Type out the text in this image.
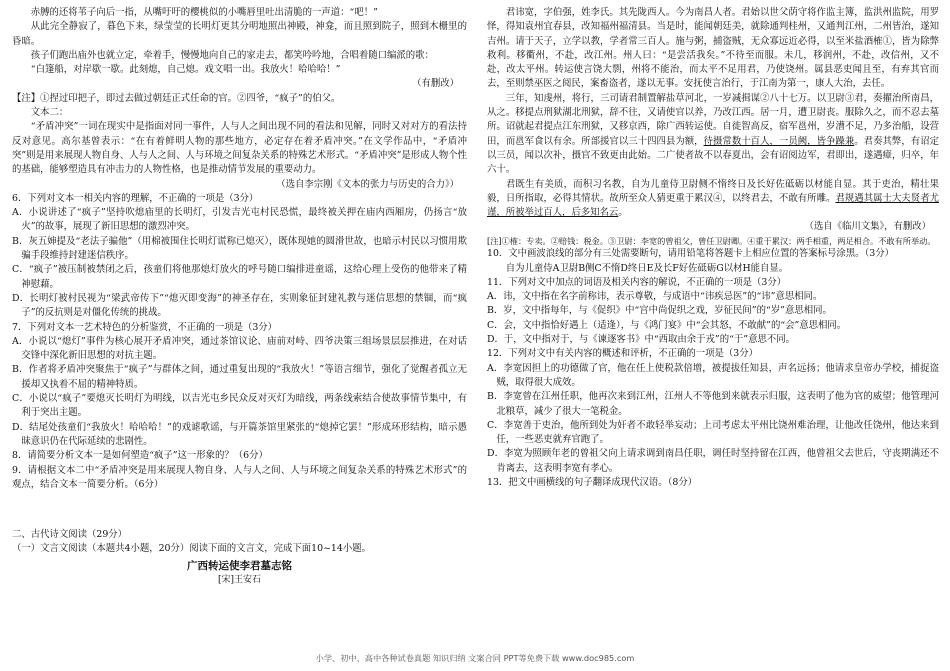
赤膊的还将苇子向后一指，从嘴吁吁的樱桃似的小嘴唇里吐出清脆的一声道：“吧！”

从此完全静寂了，暮色下来，绿莹莹的长明灯更其分明地照出神殿，神龛，而且照到院子，照到木栅里的昏暗。

孩子们跑出庙外也就立定，牵着手，慢慢地向自己的家走去，都笑吟吟地，合唱着随口编派的歌：

“白篷船，对岸歇一歇。此刻熄，自己熄。戏文唱一出。我放火！哈哈哈！”

（有删改）

【注】①捏过印把子，即过去做过朝廷正式任命的官。②四爷，“疯子”的伯父。

文本二：

“矛盾冲突”一词在现实中是指面对同一事件，人与人之间出现不同的看法和见解，同时又对对方的看法持反对意见。高尔基曾表示：“在有着鲜明人物的那些地方，必定存在着矛盾冲突。”在文学作品中，“矛盾冲突”则是用来展现人物自身、人与人之间、人与环境之间复杂关系的特殊艺术形式。“矛盾冲突”是形成人物个性的基础，能够塑造具有冲击力的人物性格，也是推动情节发展的重要动力。

（选自李宗刚《文本的张力与历史的合力》）

6．下列对文本一相关内容的理解，不正确的一项是（3分）

A．小说讲述了“疯子”坚持吹熄庙里的长明灯，引发吉光屯村民恐慌，最终被关押在庙内西厢房，仍扬言“放火”的故事，展现了新旧思想的激烈冲突。

B．灰五婶提及“老法子骗他”（用棉被围住长明灯谎称已熄灭），既体现她的圆滑世故，也暗示村民以习惯用欺骗手段维持封建迷信秩序。

C．“疯子”被压制被禁闭之后，孩童们将他那熄灯放火的呼号随口编排进童谣，这给心理上受伤的他带来了精神慰藉。

D．长明灯被村民视为“梁武帝传下”“熄灭即变海”的神圣存在，实则象征封建礼教与迷信思想的禁锢，而“疯子”的反抗则是对僵化传统的挑战。

7．下列对文本一艺术特色的分析鉴赏，不正确的一项是（3分）

A．小说以“熄灯”事件为核心展开矛盾冲突，通过茶馆议论、庙前对峙、四爷决策三组场景层层推进，在对话交锋中深化新旧思想的对抗主题。

B．作者将矛盾冲突聚焦于“疯子”与群体之间，通过重复出现的“我放火！”等语言细节，强化了觉醒者孤立无援却又执着不屈的精神特质。

C．小说以“疯子”要熄灭长明灯为明线，以吉光屯乡民众反对灭灯为暗线，两条线索结合使故事情节集中，有利于突出主题。

D．结尾处孩童们“我放火！哈哈哈！”的戏谑歌谣，与开篇茶馆里紧张的“熄掉它罢！”形成环形结构，暗示愚昧意识仍在代际延续的悲剧性。

8．请简要分析文本一是如何塑造“疯子”这一形象的？（6分）

9．请根据文本二中“矛盾冲突是用来展现人物自身、人与人之间、人与环境之间复杂关系的特殊艺术形式”的观点，结合文本一简要分析。（6分）

二、古代诗文阅读（29分）

（一）文言文阅读（本题共4小题，20分）阅读下面的文言文，完成下面10~14小题。

广西转运使李君墓志铭

[宋]王安石

君讳宽，字伯强，姓李氏。其先陇西人。今为南昌人者。君始以世父荫守将作监主簿，监洪州监院，用罗怿，得知袁州宜春县，改知福州福清县。当是时，能闻朝廷美，就除通判桂州，又通判江州，二州皆治，遂知吉州。请于天子，立学以教，学者常三百人。施与粥，捕盗贼，无众寡远近必得，以至米盐酒榷①，皆为除弊救利。移衢州，不赴，改江州。州人曰：“是尝活我矣。”不待至而服。未几，移润州，不赴，改信州，又不赴，改太平州。转运使言饶大剽，州将不能治，而太平不足用君，乃使饶州。属县恶吏闻且至，有弃其官而去，至则禁巫医之阅民，案畜盗者，遂以无事。安抚使言治行，于江南为第一，康人大治，去任。

三年，知虔州，将行，三司请君制置解盐草河北，一岁减揖谋②八十七万。以卫尉③君，奏擢治所南昌，从之。移提点刑狱湖北刑狱，辞不往，又请使官以养，乃改江西。居一月，遭卫尉丧。服除久之，而不忍去墓所。诏就起君提点江东刑狱，又移京西，除广西转运使。自徙智高反，宿军邕州，岁漕不足，乃多治船，设营田，而邕军食以有余。所部援官以三十四四县为额，待摄常数十百人，一员阙，皆争躁兼。君奏其弊，有诏定以三员，闻以次补，摄官不致更由此始。二广使者故不以春夏出，会有诏阅边军，君即出，遂遇瘴，归卒，年六十。

君既生有美质，而积习名教，自为儿童侍卫尉侧不惰终日及长好佐砥砺以材能自显。其于吏治，精壮果毅，日所指取，必得其情状。故所至众人猜更重于累汉④，以终君去，不敢有所雕。君规遇其属士大夫贤者尤谨，所被举过百人，后多知名云。

（选自《临川文集》，有删改）

[注]①榷：专卖。②赔钱：税金。③卫尉：李宽的曾祖父，曾任卫尉卿。④重于累汉：两手相重，两足相合。不敢有所举动。

10．文中画波浪线的部分有三处需要断句，请用铅笔将答题卡上相应位置的答案标号涂黑。（3分）

自为儿童侍A卫尉B侧C不惰D终日E及长F好佐砥砺G以材H能自显。

11．下列对文中加点的词语及相关内容的解说，不正确的一项是（3分）

A．讳，文中指在名字前称讳，表示尊敬，与成语中“讳疾忌医”的“讳”意思相同。

B．岁，文中指每年，与《促织》中“宫中尚促织之戏，岁征民间”的“岁”意思相同。

C．会，文中指恰好遇上（适逢），与《鸿门宴》中“会其怒，不敢献”的“会”意思相同。

D．于，文中指对于，与《谏逐客书》中“西取由余于戎”的“于”意思不同。

12．下列对文中有关内容的概述和评析，不正确的一项是（3分）

A．李宽因担上的功德做了官，他在任上使税款倍增，被提拔任知县，声名远扬；他请求皇帝办学校，捕捉盗贼，取得很大成效。

B．李宽曾在江州任职，他再次来到江州，江州人不等他到来就表示归服，这表明了他为官的威望；他管理河北粮草，减少了很大一笔税金。

C．李宽善于吏治，他所到处为奸者不敢轻举妄动；上司考虑太平州比饶州难治理，让他改任饶州，他达来到任，一些恶吏就弃官跑了。

D．李宽为照顾年老的曾祖父向上请求调到南昌任职，调任时坚持留在江西，他曾祖父去世后，守丧期满还不肯离去，这表明李宽有孝心。

13．把文中画横线的句子翻译成现代汉语。（8分）

小学、初中、高中各种试卷真题 知识归纳 文案合同 PPT等免费下载 www.doc985.com
